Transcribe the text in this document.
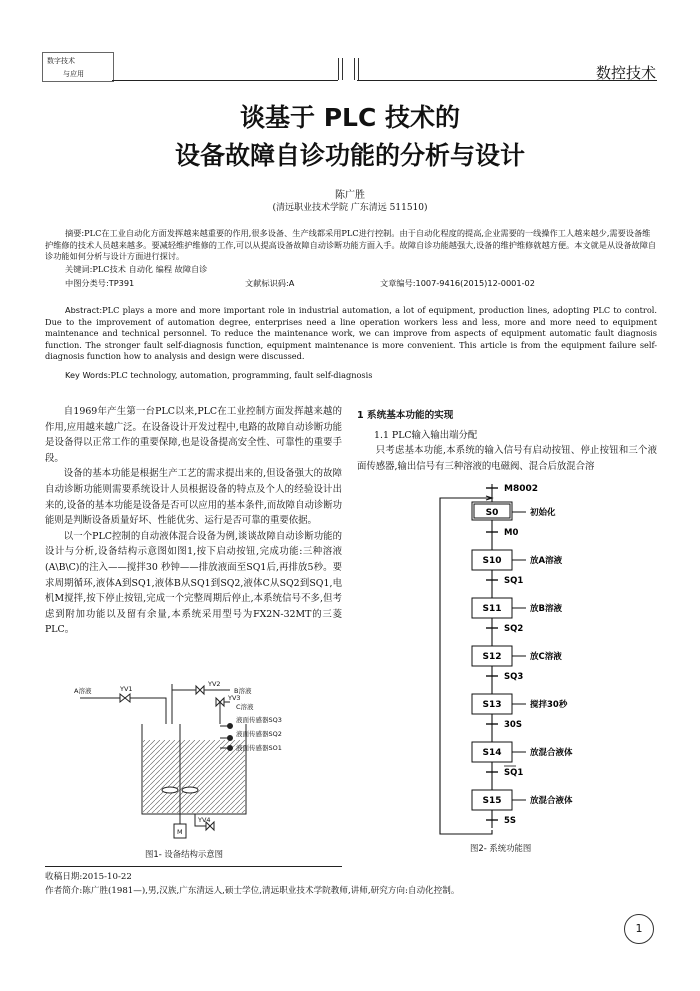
数字技术
与应用	数控技术
谈基于 PLC 技术的
设备故障自诊功能的分析与设计
陈广胜
(清远职业技术学院 广东清远 511510)
摘要:PLC在工业自动化方面发挥越来越重要的作用,很多设备、生产线都采用PLC进行控制。由于自动化程度的提高,企业需要的一线操作工人越来越少,需要设备维护维修的技术人员越来越多。要减轻维护维修的工作,可以从提高设备故障自动诊断功能方面入手。故障自诊功能越强大,设备的维护维修就越方便。本文就是从设备故障自诊功能如何分析与设计方面进行探讨。
关键词:PLC技术 自动化 编程 故障自诊
中图分类号:TP391	文献标识码:A	文章编号:1007-9416(2015)12-0001-02
Abstract:PLC plays a more and more important role in industrial automation, a lot of equipment, production lines, adopting PLC to control. Due to the improvement of automation degree, enterprises need a line operation workers less and less, more and more need to equipment maintenance and technical personnel. To reduce the maintenance work, we can improve from aspects of equipment automatic fault diagnosis function. The stronger fault self-diagnosis function, equipment maintenance is more convenient. This article is from the equipment failure self-diagnosis function how to analysis and design were discussed.
Key Words:PLC technology, automation, programming, fault self-diagnosis

自1969年产生第一台PLC以来,PLC在工业控制方面发挥越来越的作用,应用越来越广泛。在设备设计开发过程中,电路的故障自动诊断功能是设备得以正常工作的重要保障,也是设备提高安全性、可靠性的重要手段。

设备的基本功能是根据生产工艺的需求提出来的,但设备强大的故障自动诊断功能则需要系统设计人员根据设备的特点及个人的经验设计出来的,设备的基本功能是设备是否可以应用的基本条件,而故障自动诊断功能则是判断设备质量好坏、性能优劣、运行是否可靠的重要依据。

以一个PLC控制的自动液体混合设备为例,谈谈故障自动诊断功能的设计与分析,设备结构示意图如图1,按下启动按钮,完成功能:三种溶液(A\B\C)的注入——搅拌30 秒钟——排放液面至SQ1后,再排放5秒。要求周期循环,液体A到SQ1,液体B从SQ1到SQ2,液体C从SQ2到SQ1,电机M搅拌,按下停止按钮,完成一个完整周期后停止,本系统信号不多,但考虑到附加功能以及留有余量,本系统采用型号为FX2N-32MT的三菱PLC。

A溶液	YV1
YV2
B溶液
YV3
C溶液
液面传感器SQ3
液面传感器SQ2
液面传感器SO1
M
YV4
图1- 设备结构示意图
1 系统基本功能的实现
1.1 PLC输入输出端分配

只考虑基本功能,本系统的输入信号有启动按钮、停止按钮和三个液面传感器,输出信号有三种溶液的电磁阀、混合后放混合溶

M8002
S0	初始化
M0
S10	放A溶液
SQ1
S11	放B溶液
SQ2
S12	放C溶液
SQ3
S13	搅拌30秒
30S
S14	放混合液体
SQ1
S15	放混合液体
5S
图2- 系统功能图
收稿日期:2015-10-22
作者简介:陈广胜(1981—),男,汉族,广东清远人,硕士学位,清远职业技术学院教师,讲师,研究方向:自动化控制。
1
